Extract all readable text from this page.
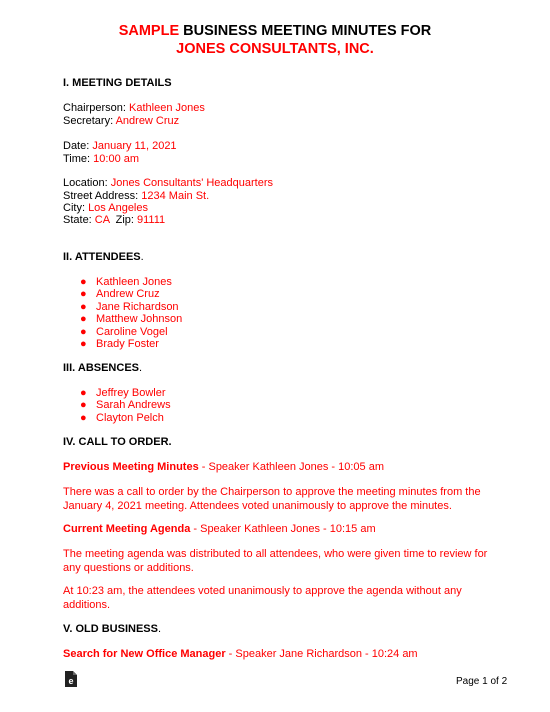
SAMPLE BUSINESS MEETING MINUTES FOR
JONES CONSULTANTS, INC.
I. MEETING DETAILS
Chairperson: Kathleen Jones
Secretary: Andrew Cruz
Date: January 11, 2021
Time: 10:00 am
Location: Jones Consultants' Headquarters
Street Address: 1234 Main St.
City: Los Angeles
State: CA  Zip: 91111
II. ATTENDEES.
● Kathleen Jones
● Andrew Cruz
● Jane Richardson
● Matthew Johnson
● Caroline Vogel
● Brady Foster
III. ABSENCES.
● Jeffrey Bowler
● Sarah Andrews
● Clayton Pelch
IV. CALL TO ORDER.
Previous Meeting Minutes - Speaker Kathleen Jones - 10:05 am
There was a call to order by the Chairperson to approve the meeting minutes from the January 4, 2021 meeting. Attendees voted unanimously to approve the minutes.
Current Meeting Agenda - Speaker Kathleen Jones - 10:15 am
The meeting agenda was distributed to all attendees, who were given time to review for any questions or additions.
At 10:23 am, the attendees voted unanimously to approve the agenda without any additions.
V. OLD BUSINESS.
Search for New Office Manager - Speaker Jane Richardson - 10:24 am
e	Page 1 of 2
